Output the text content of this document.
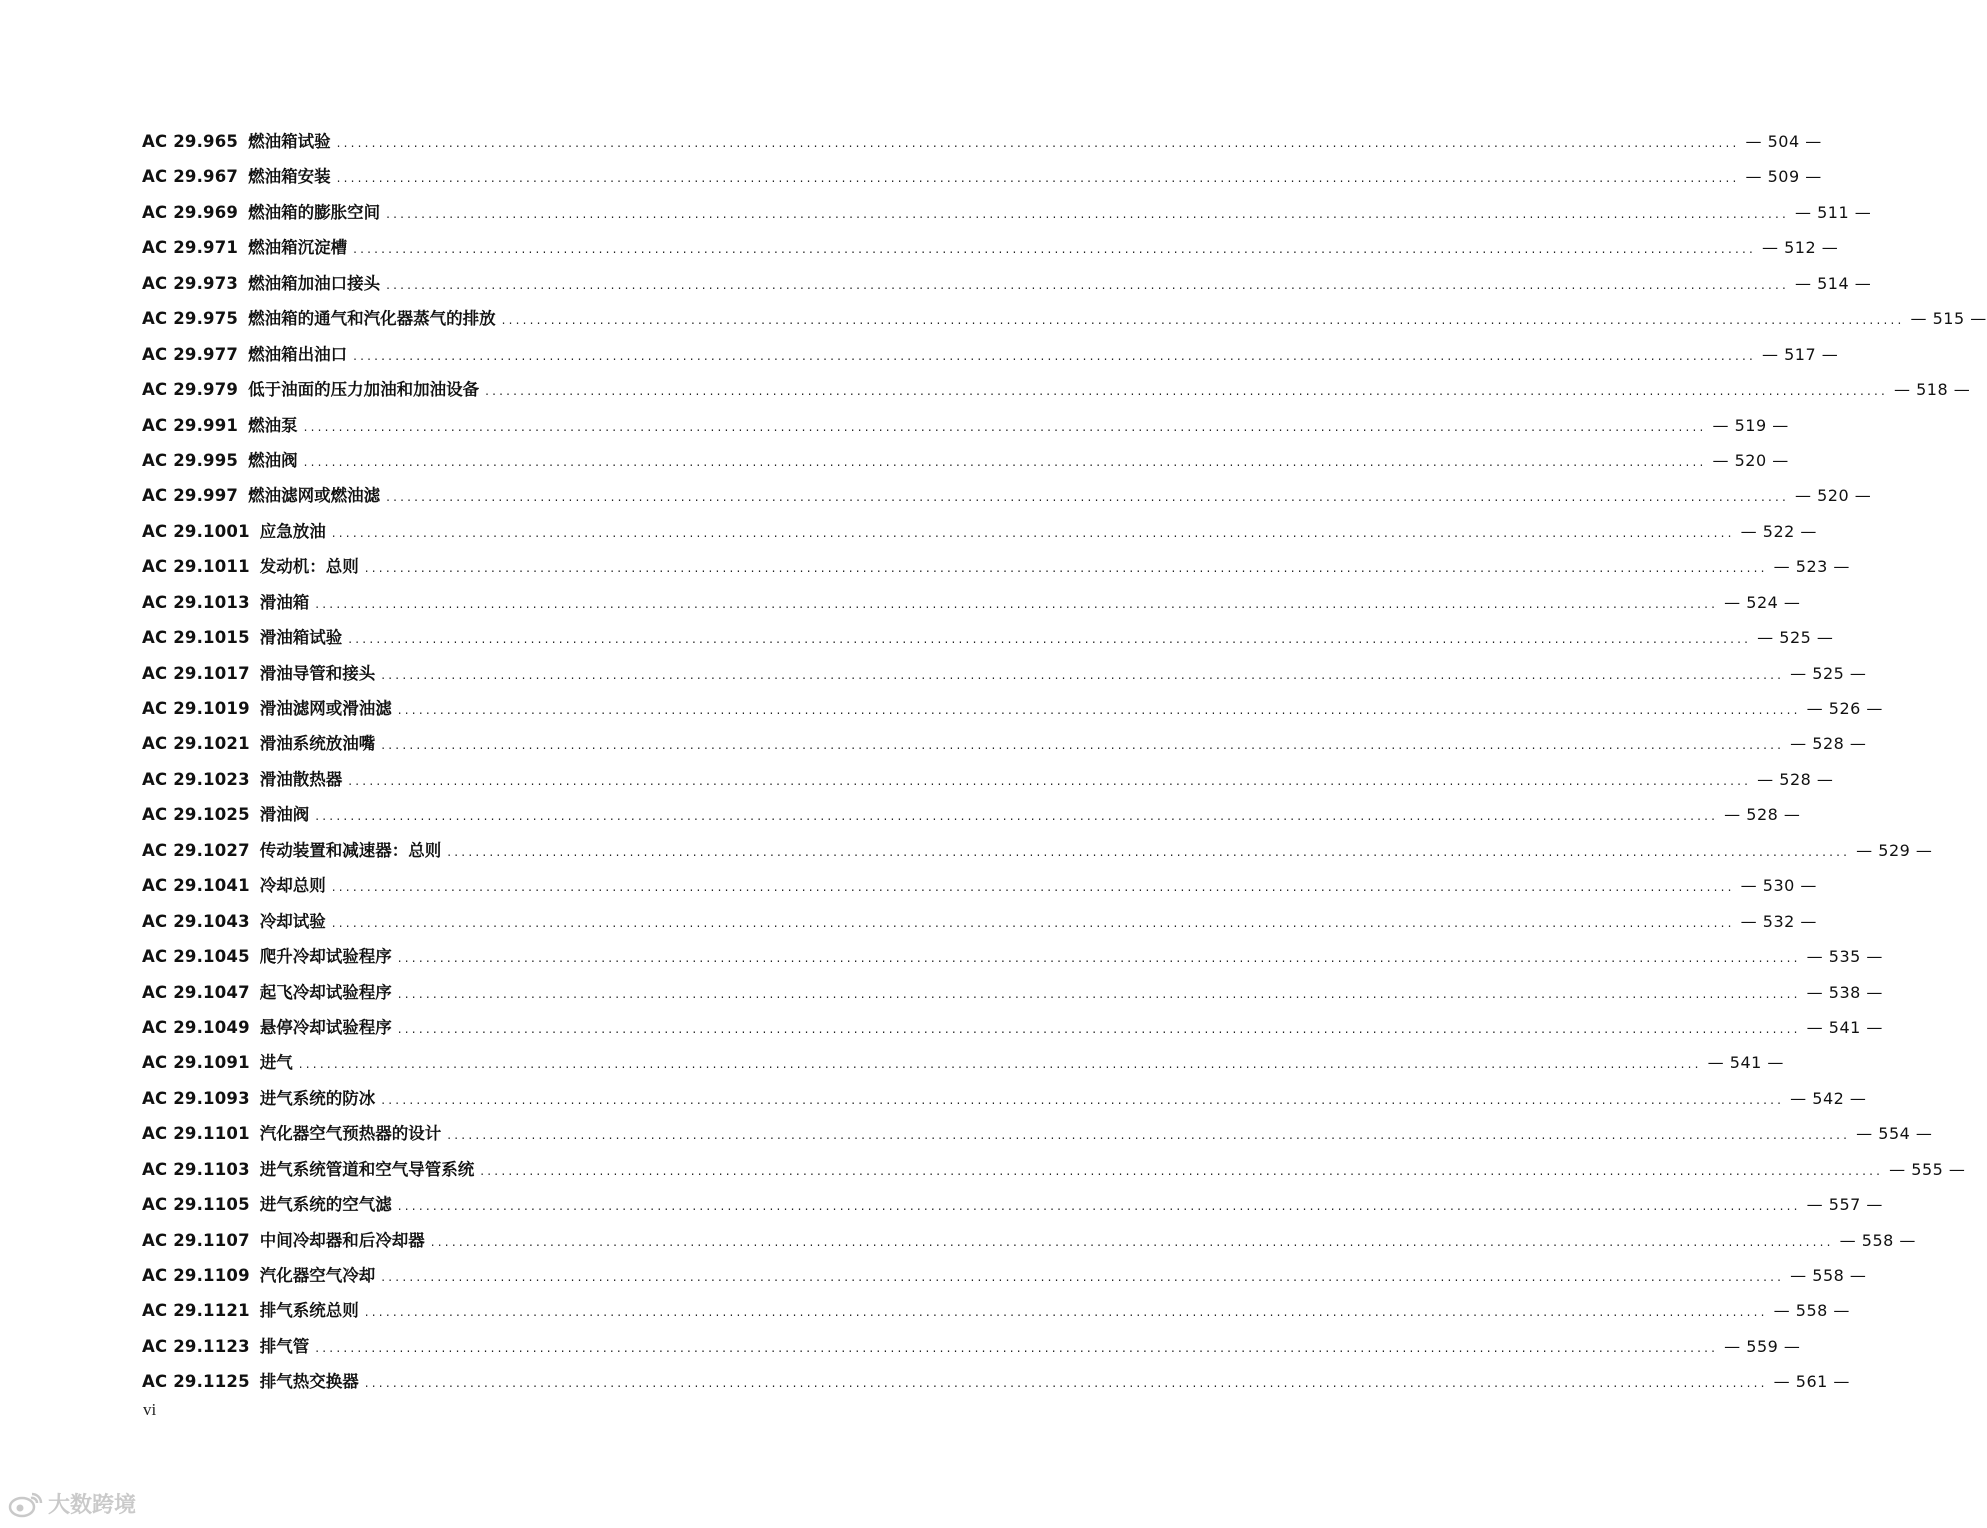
AC 29.965 燃油箱试验 ........................................................................................................................................................................................................ — 504 —
AC 29.967 燃油箱安装 ........................................................................................................................................................................................................ — 509 —
AC 29.969 燃油箱的膨胀空间 ........................................................................................................................................................................................................ — 511 —
AC 29.971 燃油箱沉淀槽 ........................................................................................................................................................................................................ — 512 —
AC 29.973 燃油箱加油口接头 ........................................................................................................................................................................................................ — 514 —
AC 29.975 燃油箱的通气和汽化器蒸气的排放 ........................................................................................................................................................................................................ — 515 —
AC 29.977 燃油箱出油口 ........................................................................................................................................................................................................ — 517 —
AC 29.979 低于油面的压力加油和加油设备 ........................................................................................................................................................................................................ — 518 —
AC 29.991 燃油泵 ........................................................................................................................................................................................................ — 519 —
AC 29.995 燃油阀 ........................................................................................................................................................................................................ — 520 —
AC 29.997 燃油滤网或燃油滤 ........................................................................................................................................................................................................ — 520 —
AC 29.1001 应急放油 ........................................................................................................................................................................................................ — 522 —
AC 29.1011 发动机：总则 ........................................................................................................................................................................................................ — 523 —
AC 29.1013 滑油箱 ........................................................................................................................................................................................................ — 524 —
AC 29.1015 滑油箱试验 ........................................................................................................................................................................................................ — 525 —
AC 29.1017 滑油导管和接头 ........................................................................................................................................................................................................ — 525 —
AC 29.1019 滑油滤网或滑油滤 ........................................................................................................................................................................................................ — 526 —
AC 29.1021 滑油系统放油嘴 ........................................................................................................................................................................................................ — 528 —
AC 29.1023 滑油散热器 ........................................................................................................................................................................................................ — 528 —
AC 29.1025 滑油阀 ........................................................................................................................................................................................................ — 528 —
AC 29.1027 传动装置和减速器：总则 ........................................................................................................................................................................................................ — 529 —
AC 29.1041 冷却总则 ........................................................................................................................................................................................................ — 530 —
AC 29.1043 冷却试验 ........................................................................................................................................................................................................ — 532 —
AC 29.1045 爬升冷却试验程序 ........................................................................................................................................................................................................ — 535 —
AC 29.1047 起飞冷却试验程序 ........................................................................................................................................................................................................ — 538 —
AC 29.1049 悬停冷却试验程序 ........................................................................................................................................................................................................ — 541 —
AC 29.1091 进气 ........................................................................................................................................................................................................ — 541 —
AC 29.1093 进气系统的防冰 ........................................................................................................................................................................................................ — 542 —
AC 29.1101 汽化器空气预热器的设计 ........................................................................................................................................................................................................ — 554 —
AC 29.1103 进气系统管道和空气导管系统 ........................................................................................................................................................................................................ — 555 —
AC 29.1105 进气系统的空气滤 ........................................................................................................................................................................................................ — 557 —
AC 29.1107 中间冷却器和后冷却器 ........................................................................................................................................................................................................ — 558 —
AC 29.1109 汽化器空气冷却 ........................................................................................................................................................................................................ — 558 —
AC 29.1121 排气系统总则 ........................................................................................................................................................................................................ — 558 —
AC 29.1123 排气管 ........................................................................................................................................................................................................ — 559 —
AC 29.1125 排气热交换器 ........................................................................................................................................................................................................ — 561 —
vi
大数跨境
